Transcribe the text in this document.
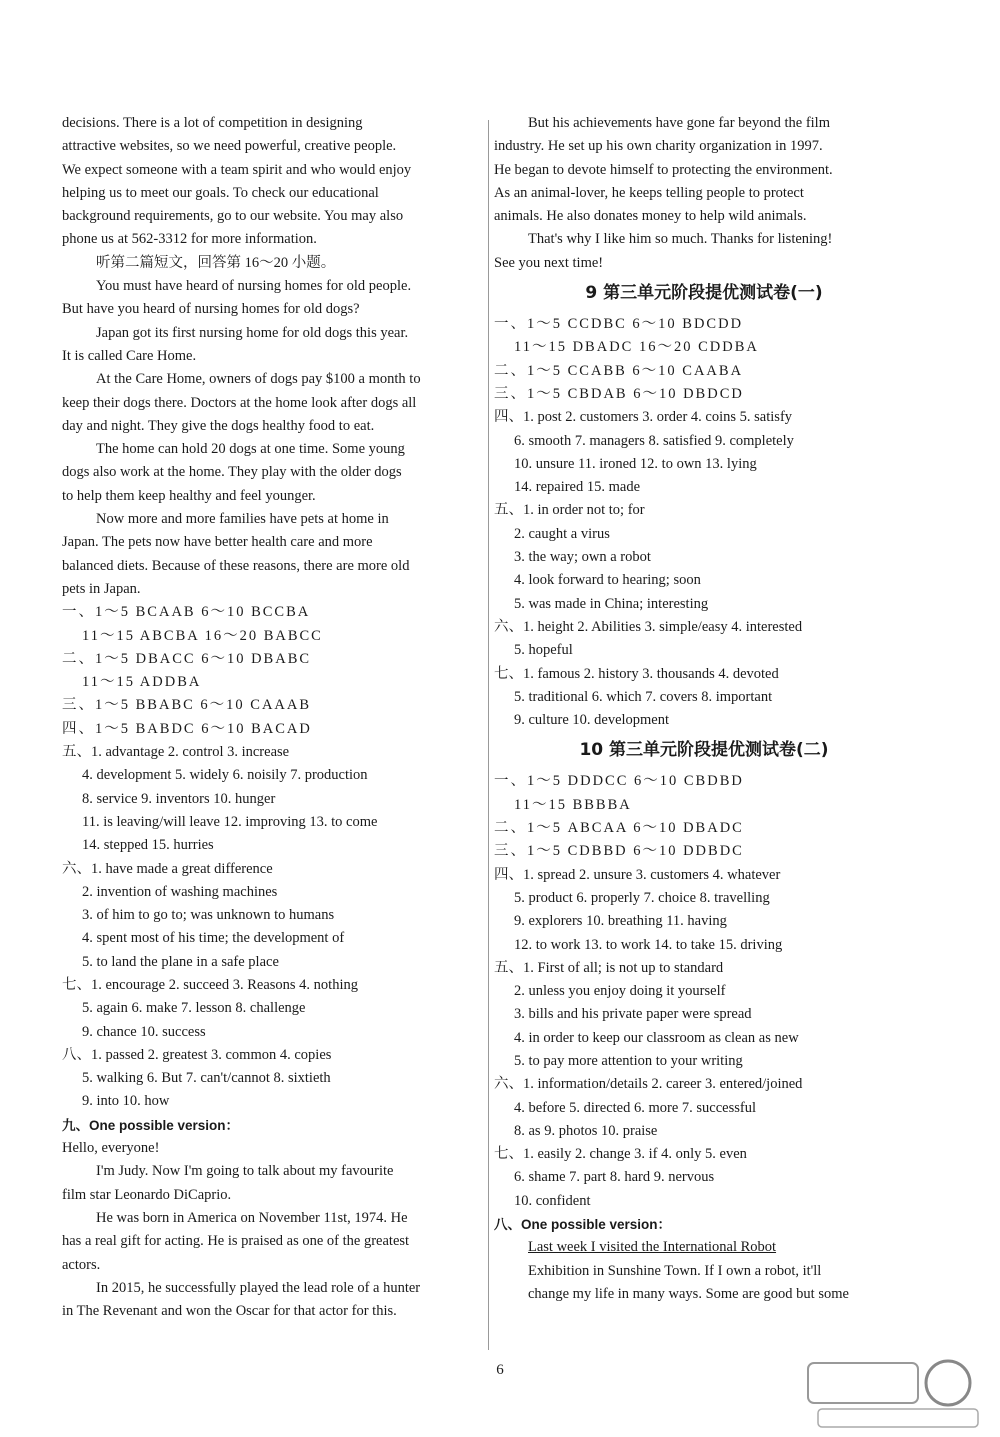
decisions. There is a lot of competition in designing
attractive websites, so we need powerful, creative people.
We expect someone with a team spirit and who would enjoy
helping us to meet our goals. To check our educational
background requirements, go to our website. You may also
phone us at 562-3312 for more information.
听第二篇短文，回答第 16～20 小题。
You must have heard of nursing homes for old people.
But have you heard of nursing homes for old dogs?
Japan got its first nursing home for old dogs this year.
It is called Care Home.
At the Care Home, owners of dogs pay $100 a month to
keep their dogs there. Doctors at the home look after dogs all
day and night. They give the dogs healthy food to eat.
The home can hold 20 dogs at one time. Some young
dogs also work at the home. They play with the older dogs
to help them keep healthy and feel younger.
Now more and more families have pets at home in
Japan. The pets now have better health care and more
balanced diets. Because of these reasons, there are more old
pets in Japan.
一、1～5 BCAAB 6～10 BCCBA
11～15 ABCBA 16～20 BABCC
二、1～5 DBACC 6～10 DBABC
11～15 ADDBA
三、1～5 BBABC 6～10 CAAAB
四、1～5 BABDC 6～10 BACAD
五、1. advantage 2. control 3. increase
4. development 5. widely 6. noisily 7. production
8. service 9. inventors 10. hunger
11. is leaving/will leave 12. improving 13. to come
14. stepped 15. hurries
六、1. have made a great difference
2. invention of washing machines
3. of him to go to; was unknown to humans
4. spent most of his time; the development of
5. to land the plane in a safe place
七、1. encourage 2. succeed 3. Reasons 4. nothing
5. again 6. make 7. lesson 8. challenge
9. chance 10. success
八、1. passed 2. greatest 3. common 4. copies
5. walking 6. But 7. can't/cannot 8. sixtieth
9. into 10. how
九、One possible version：
Hello, everyone!
I'm Judy. Now I'm going to talk about my favourite
film star Leonardo DiCaprio.
He was born in America on November 11st, 1974. He
has a real gift for acting. He is praised as one of the greatest
actors.
In 2015, he successfully played the lead role of a hunter
in The Revenant and won the Oscar for that actor for this.
But his achievements have gone far beyond the film
industry. He set up his own charity organization in 1997.
He began to devote himself to protecting the environment.
As an animal-lover, he keeps telling people to protect
animals. He also donates money to help wild animals.
That's why I like him so much. Thanks for listening!
See you next time!
9 第三单元阶段提优测试卷(一)
一、1～5 CCDBC 6～10 BDCDD
11～15 DBADC 16～20 CDDBA
二、1～5 CCABB 6～10 CAABA
三、1～5 CBDAB 6～10 DBDCD
四、1. post 2. customers 3. order 4. coins 5. satisfy
6. smooth 7. managers 8. satisfied 9. completely
10. unsure 11. ironed 12. to own 13. lying
14. repaired 15. made
五、1. in order not to; for
2. caught a virus
3. the way; own a robot
4. look forward to hearing; soon
5. was made in China; interesting
六、1. height 2. Abilities 3. simple/easy 4. interested
5. hopeful
七、1. famous 2. history 3. thousands 4. devoted
5. traditional 6. which 7. covers 8. important
9. culture 10. development
10 第三单元阶段提优测试卷(二)
一、1～5 DDDCC 6～10 CBDBD
11～15 BBBBA
二、1～5 ABCAA 6～10 DBADC
三、1～5 CDBBD 6～10 DDBDC
四、1. spread 2. unsure 3. customers 4. whatever
5. product 6. properly 7. choice 8. travelling
9. explorers 10. breathing 11. having
12. to work 13. to work 14. to take 15. driving
五、1. First of all; is not up to standard
2. unless you enjoy doing it yourself
3. bills and his private paper were spread
4. in order to keep our classroom as clean as new
5. to pay more attention to your writing
六、1. information/details 2. career 3. entered/joined
4. before 5. directed 6. more 7. successful
8. as 9. photos 10. praise
七、1. easily 2. change 3. if 4. only 5. even
6. shame 7. part 8. hard 9. nervous
10. confident
八、One possible version：
Last week I visited the International Robot
Exhibition in Sunshine Town. If I own a robot, it'll
change my life in many ways. Some are good but some
6
